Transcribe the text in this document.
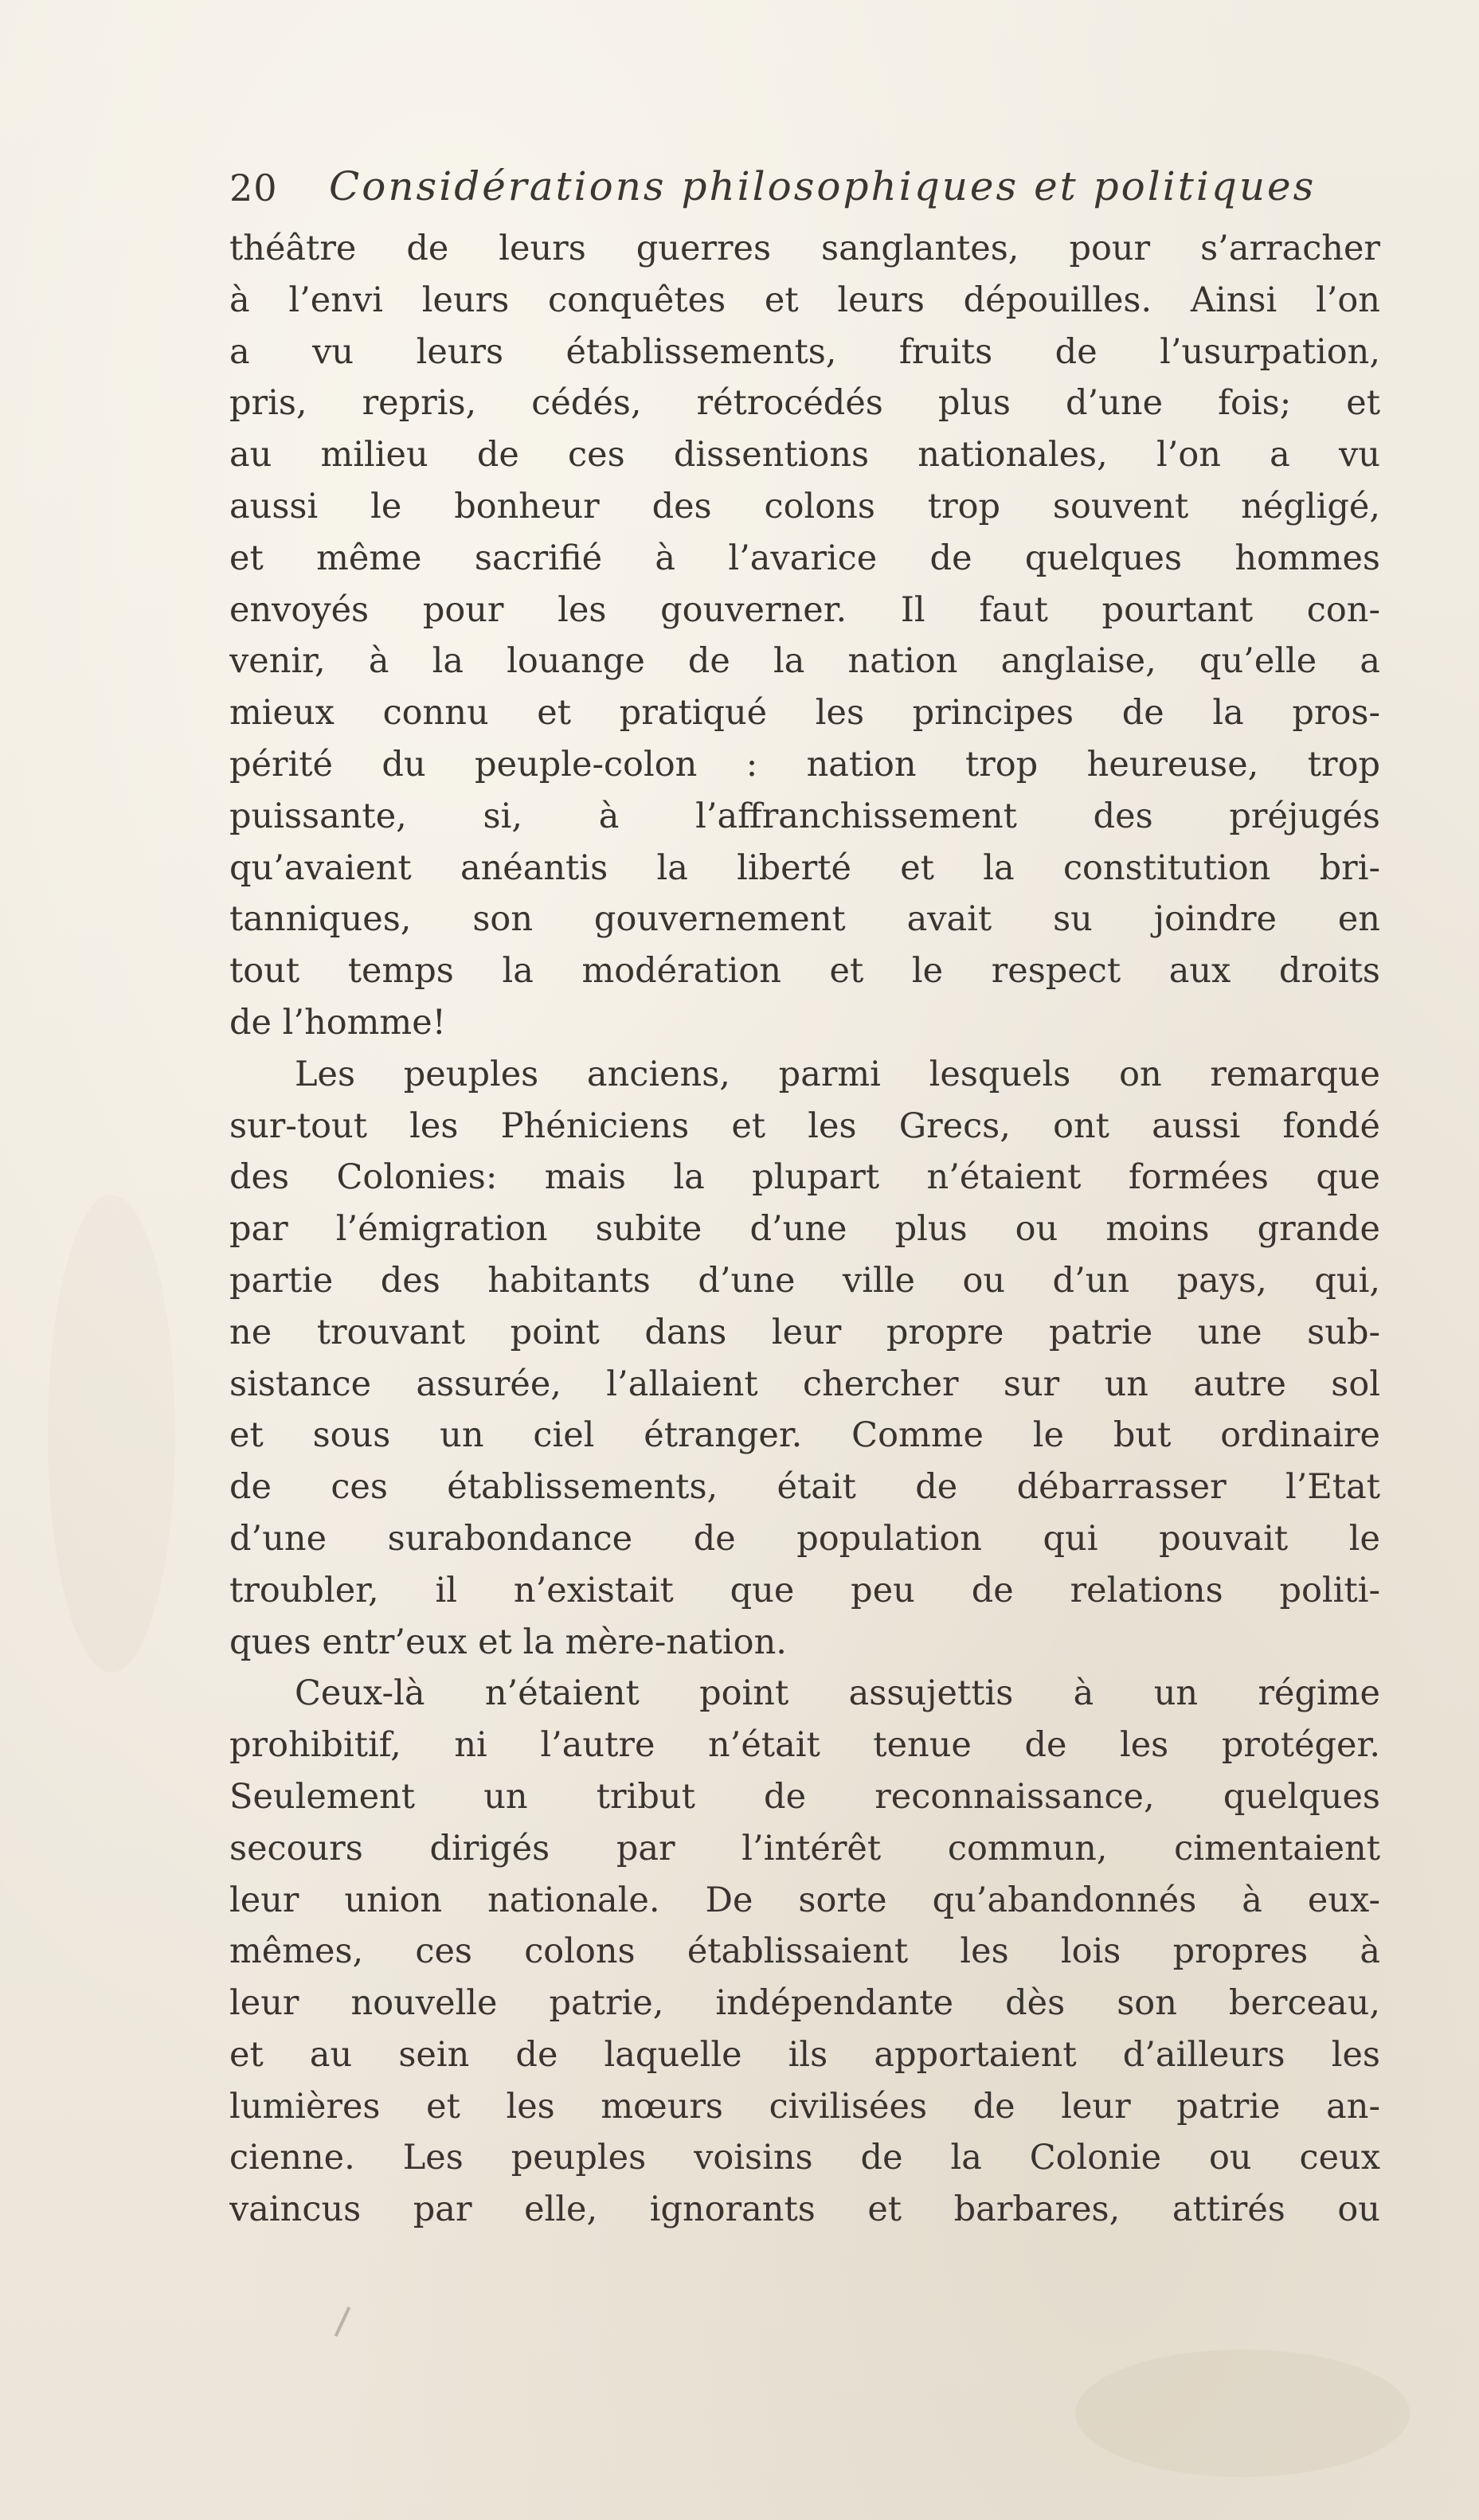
20 Considérations philosophiques et politiques
théâtre de leurs guerres sanglantes, pour s’arracher
à l’envi leurs conquêtes et leurs dépouilles. Ainsi l’on
a vu leurs établissements, fruits de l’usurpation,
pris, repris, cédés, rétrocédés plus d’une fois; et
au milieu de ces dissentions nationales, l’on a vu
aussi le bonheur des colons trop souvent négligé,
et même sacrifié à l’avarice de quelques hommes
envoyés pour les gouverner. Il faut pourtant con-
venir, à la louange de la nation anglaise, qu’elle a
mieux connu et pratiqué les principes de la pros-
périté du peuple-colon : nation trop heureuse, trop
puissante, si, à l’affranchissement des préjugés
qu’avaient anéantis la liberté et la constitution bri-
tanniques, son gouvernement avait su joindre en
tout temps la modération et le respect aux droits
de l’homme!
Les peuples anciens, parmi lesquels on remarque
sur-tout les Phéniciens et les Grecs, ont aussi fondé
des Colonies: mais la plupart n’étaient formées que
par l’émigration subite d’une plus ou moins grande
partie des habitants d’une ville ou d’un pays, qui,
ne trouvant point dans leur propre patrie une sub-
sistance assurée, l’allaient chercher sur un autre sol
et sous un ciel étranger. Comme le but ordinaire
de ces établissements, était de débarrasser l’Etat
d’une surabondance de population qui pouvait le
troubler, il n’existait que peu de relations politi-
ques entr’eux et la mère-nation.
Ceux-là n’étaient point assujettis à un régime
prohibitif, ni l’autre n’était tenue de les protéger.
Seulement un tribut de reconnaissance, quelques
secours dirigés par l’intérêt commun, cimentaient
leur union nationale. De sorte qu’abandonnés à eux-
mêmes, ces colons établissaient les lois propres à
leur nouvelle patrie, indépendante dès son berceau,
et au sein de laquelle ils apportaient d’ailleurs les
lumières et les mœurs civilisées de leur patrie an-
cienne. Les peuples voisins de la Colonie ou ceux
vaincus par elle, ignorants et barbares, attirés ou
